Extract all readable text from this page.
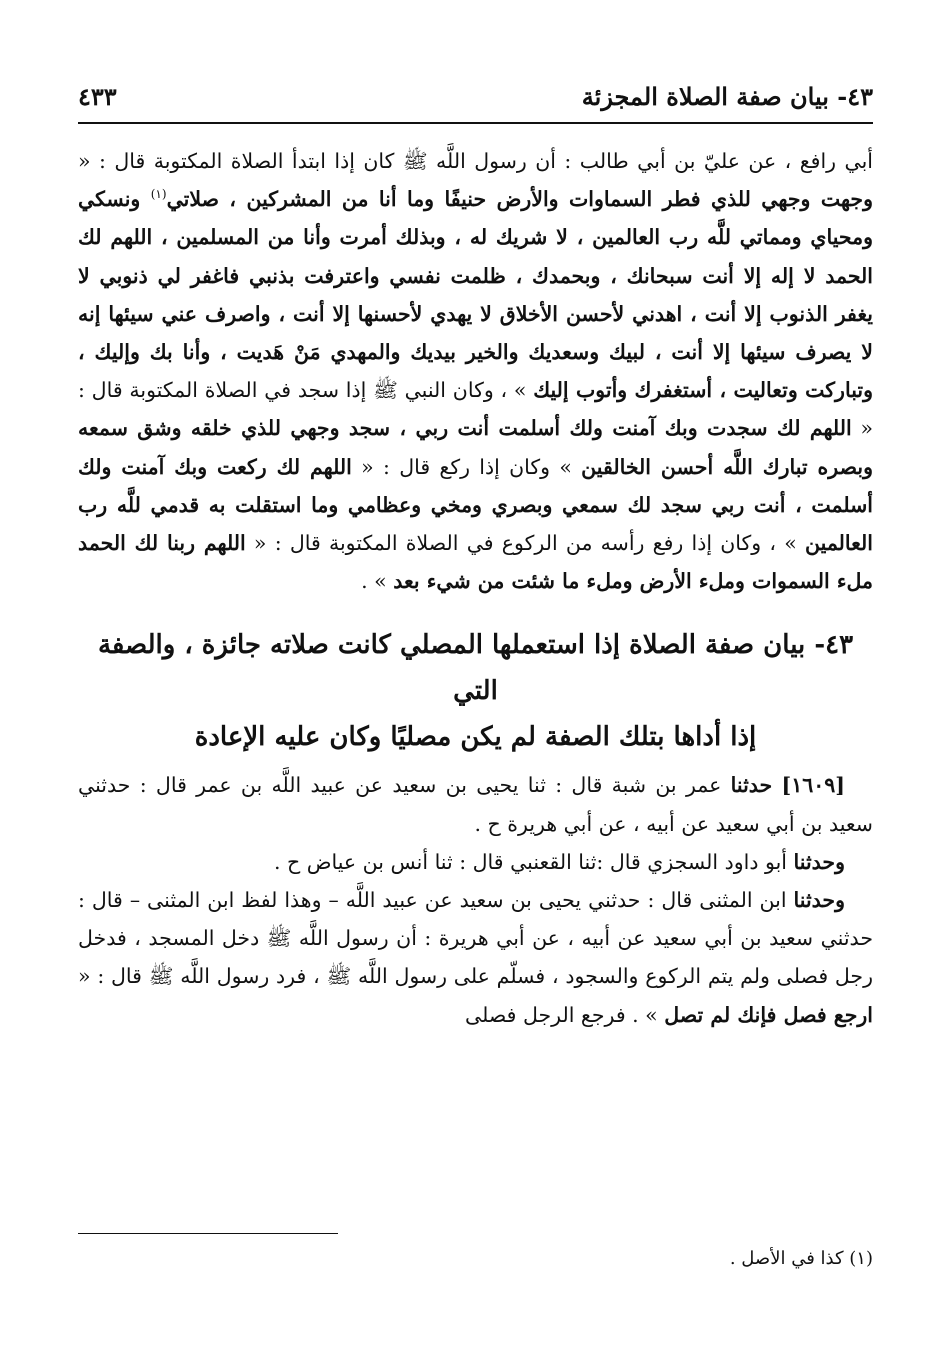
٤٣- بيان صفة الصلاة المجزئة
٤٣٣

أبي رافع ، عن عليّ بن أبي طالب : أن رسول اللَّه ﷺ كان إذا ابتدأ الصلاة المكتوبة قال : « وجهت وجهي للذي فطر السماوات والأرض حنيفًا وما أنا من المشركين ، صلاتي$^{(١)}$ ونسكي ومحياي ومماتي للَّه رب العالمين ، لا شريك له ، وبذلك أمرت وأنا من المسلمين ، اللهم لك الحمد لا إله إلا أنت سبحانك ، وبحمدك ، ظلمت نفسي واعترفت بذنبي فاغفر لي ذنوبي لا يغفر الذنوب إلا أنت ، اهدني لأحسن الأخلاق لا يهدي لأحسنها إلا أنت ، واصرف عني سيئها إنه لا يصرف سيئها إلا أنت ، لبيك وسعديك والخير بيديك والمهدي مَنْ هَديت ، وأنا بك وإليك ، وتباركت وتعاليت ، أستغفرك وأتوب إليك » ، وكان النبي ﷺ إذا سجد في الصلاة المكتوبة قال : « اللهم لك سجدت وبك آمنت ولك أسلمت أنت ربي ، سجد وجهي للذي خلقه وشق سمعه وبصره تبارك اللَّه أحسن الخالقين » وكان إذا ركع قال : « اللهم لك ركعت وبك آمنت ولك أسلمت ، أنت ربي سجد لك سمعي وبصري ومخي وعظامي وما استقلت به قدمي للَّه رب العالمين » ، وكان إذا رفع رأسه من الركوع في الصلاة المكتوبة قال : « اللهم ربنا لك الحمد ملء السموات وملء الأرض وملء ما شئت من شيء بعد » .

٤٣- بيان صفة الصلاة إذا استعملها المصلي كانت صلاته جائزة ، والصفة التي
إذا أداها بتلك الصفة لم يكن مصليًا وكان عليه الإعادة

[١٦٠٩] حدثنا عمر بن شبة قال : ثنا يحيى بن سعيد عن عبيد اللَّه بن عمر قال : حدثني سعيد بن أبي سعيد عن أبيه ، عن أبي هريرة ح .

وحدثنا أبو داود السجزي قال :ثنا القعنبي قال : ثنا أنس بن عياض ح .

وحدثنا ابن المثنى قال : حدثني يحيى بن سعيد عن عبيد اللَّه – وهذا لفظ ابن المثنى – قال : حدثني سعيد بن أبي سعيد عن أبيه ، عن أبي هريرة : أن رسول اللَّه ﷺ دخل المسجد ، فدخل رجل فصلى ولم يتم الركوع والسجود ، فسلّم على رسول اللَّه ﷺ ، فرد رسول اللَّه ﷺ قال : « ارجع فصل فإنك لم تصل » . فرجع الرجل فصلى

(١) كذا في الأصل .
